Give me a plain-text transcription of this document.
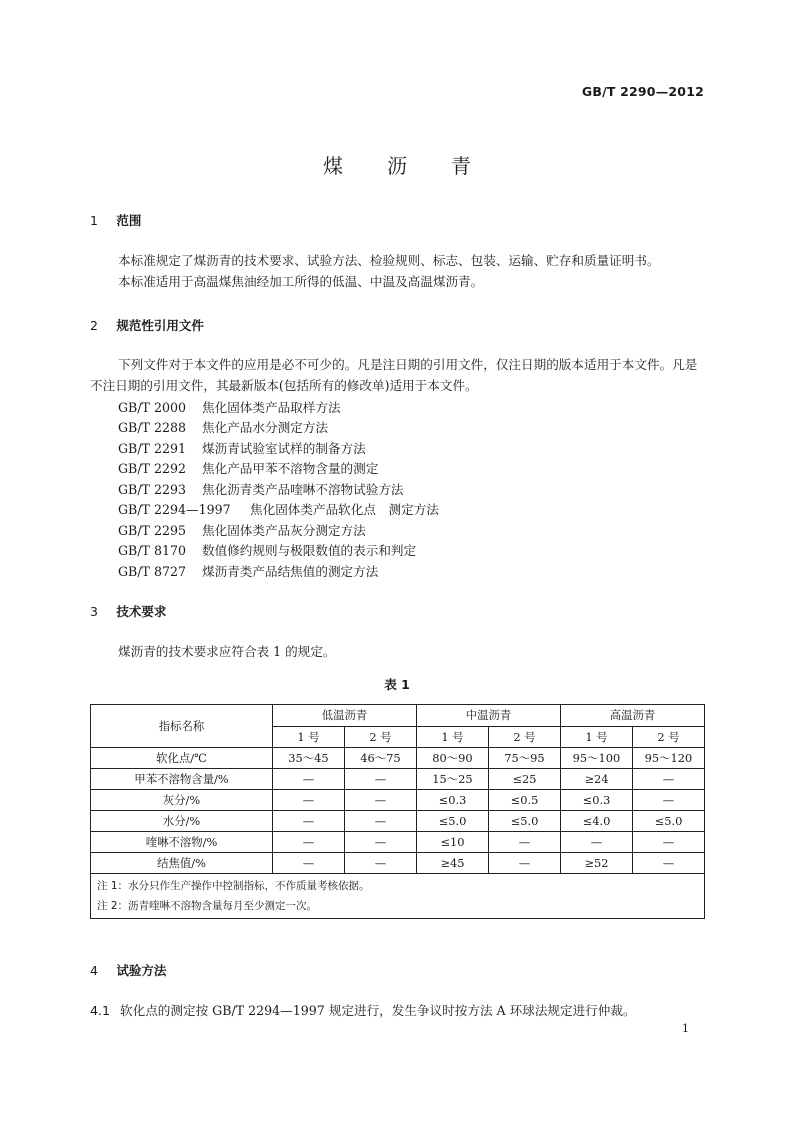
GB/T 2290—2012
煤沥青
1 范围
本标准规定了煤沥青的技术要求、试验方法、检验规则、标志、包装、运输、贮存和质量证明书。
本标准适用于高温煤焦油经加工所得的低温、中温及高温煤沥青。
2 规范性引用文件
下列文件对于本文件的应用是必不可少的。凡是注日期的引用文件，仅注日期的版本适用于本文件。凡是不注日期的引用文件，其最新版本(包括所有的修改单)适用于本文件。
GB/T 2000 焦化固体类产品取样方法
GB/T 2288 焦化产品水分测定方法
GB/T 2291 煤沥青试验室试样的制备方法
GB/T 2292 焦化产品甲苯不溶物含量的测定
GB/T 2293 焦化沥青类产品喹啉不溶物试验方法
GB/T 2294—1997 焦化固体类产品软化点　测定方法
GB/T 2295 焦化固体类产品灰分测定方法
GB/T 8170 数值修约规则与极限数值的表示和判定
GB/T 8727 煤沥青类产品结焦值的测定方法
3 技术要求
煤沥青的技术要求应符合表 1 的规定。
表 1
指标名称	低温沥青		中温沥青		高温沥青	
	1 号	2 号	1 号	2 号	1 号	2 号
软化点/℃	35～45	46～75	80～90	75～95	95～100	95～120
甲苯不溶物含量/%	—	—	15～25	≤25	≥24	—
灰分/%	—	—	≤0.3	≤0.5	≤0.3	—
水分/%	—	—	≤5.0	≤5.0	≤4.0	≤5.0
喹啉不溶物/%	—	—	≤10	—	—	—
结焦值/%	—	—	≥45	—	≥52	—

注 1：水分只作生产操作中控制指标，不作质量考核依据。
注 2：沥青喹啉不溶物含量每月至少测定一次。						
4 试验方法
4.1 软化点的测定按 GB/T 2294—1997 规定进行，发生争议时按方法 A 环球法规定进行仲裁。
1
